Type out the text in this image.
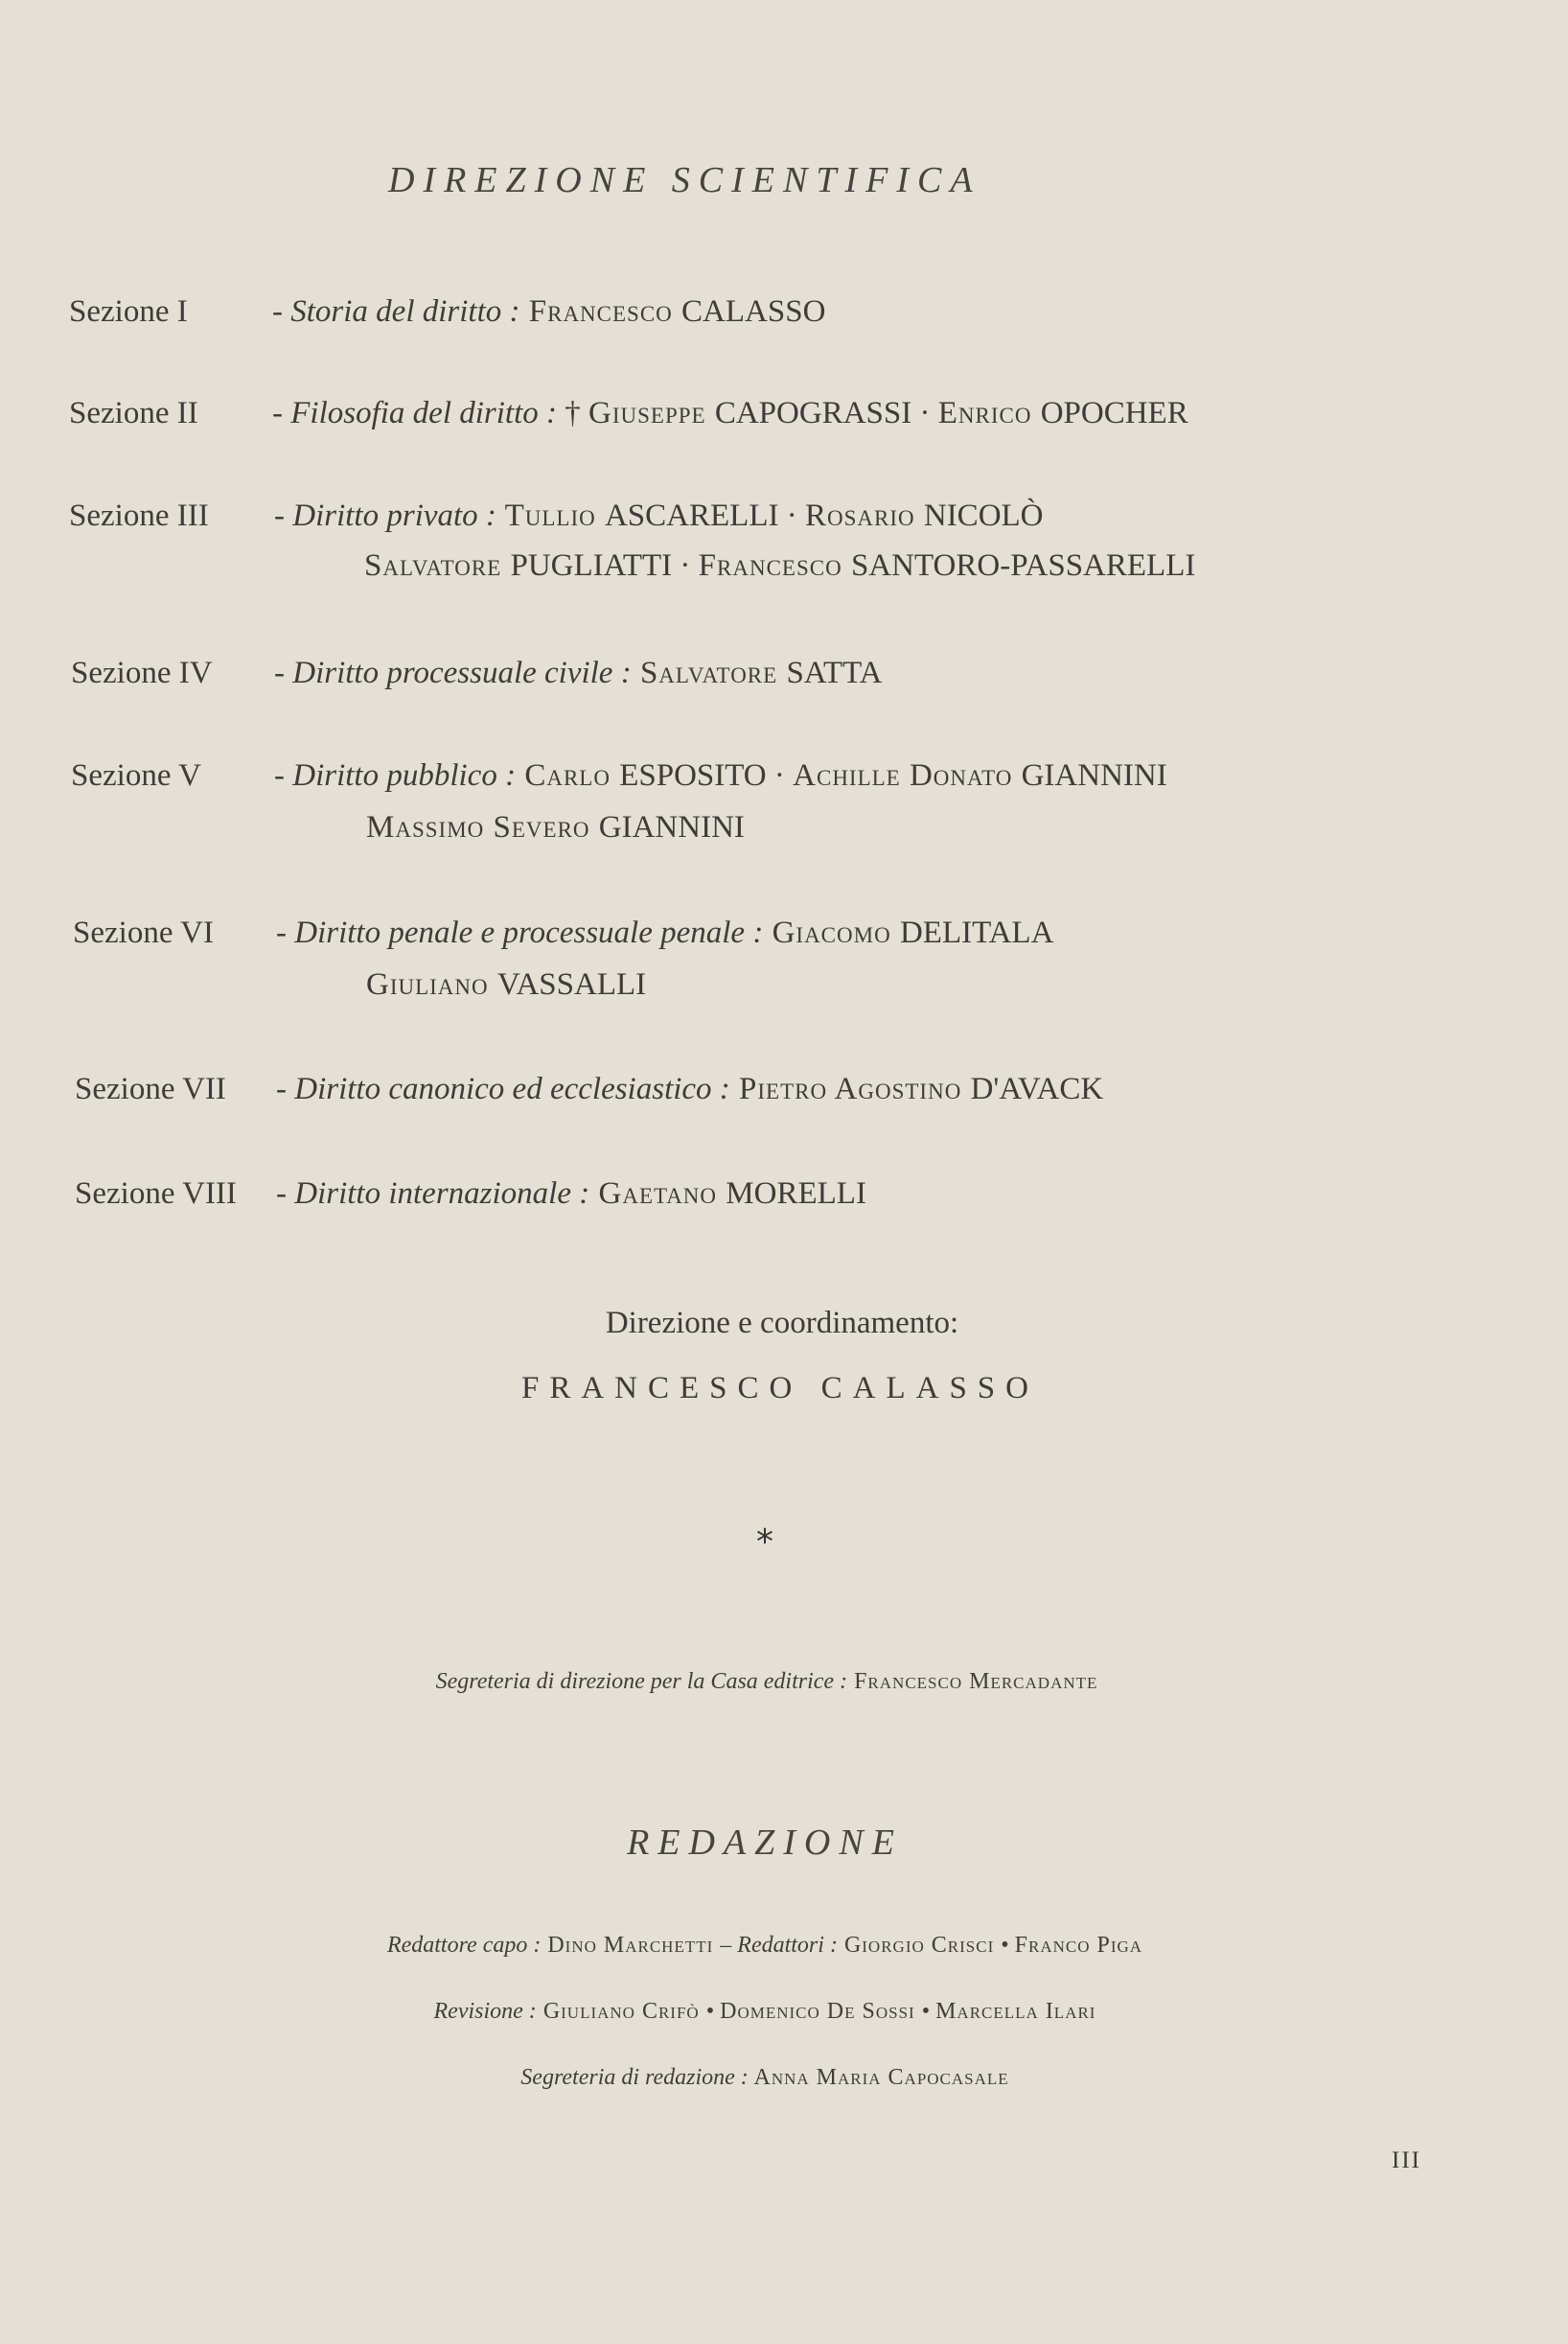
DIREZIONE SCIENTIFICA
Sezione I	- Storia del diritto : Francesco CALASSO
Sezione II - Filosofia del diritto : † Giuseppe CAPOGRASSI · Enrico OPOCHER
Sezione III - Diritto privato : Tullio ASCARELLI · Rosario NICOLÒ
Salvatore PUGLIATTI · Francesco SANTORO-PASSARELLI
Sezione IV - Diritto processuale civile : Salvatore SATTA
Sezione V - Diritto pubblico : Carlo ESPOSITO · Achille Donato GIANNINI
Massimo Severo GIANNINI
Sezione VI - Diritto penale e processuale penale : Giacomo DELITALA
Giuliano VASSALLI
Sezione VII - Diritto canonico ed ecclesiastico : Pietro Agostino D'AVACK
Sezione VIII - Diritto internazionale : Gaetano MORELLI
Direzione e coordinamento:
FRANCESCO CALASSO
*
Segreteria di direzione per la Casa editrice : Francesco Mercadante
REDAZIONE
Redattore capo : Dino Marchetti – Redattori : Giorgio Crisci • Franco Piga
Revisione : Giuliano Crifò • Domenico De Sossi • Marcella Ilari
Segreteria di redazione : Anna Maria Capocasale
III
